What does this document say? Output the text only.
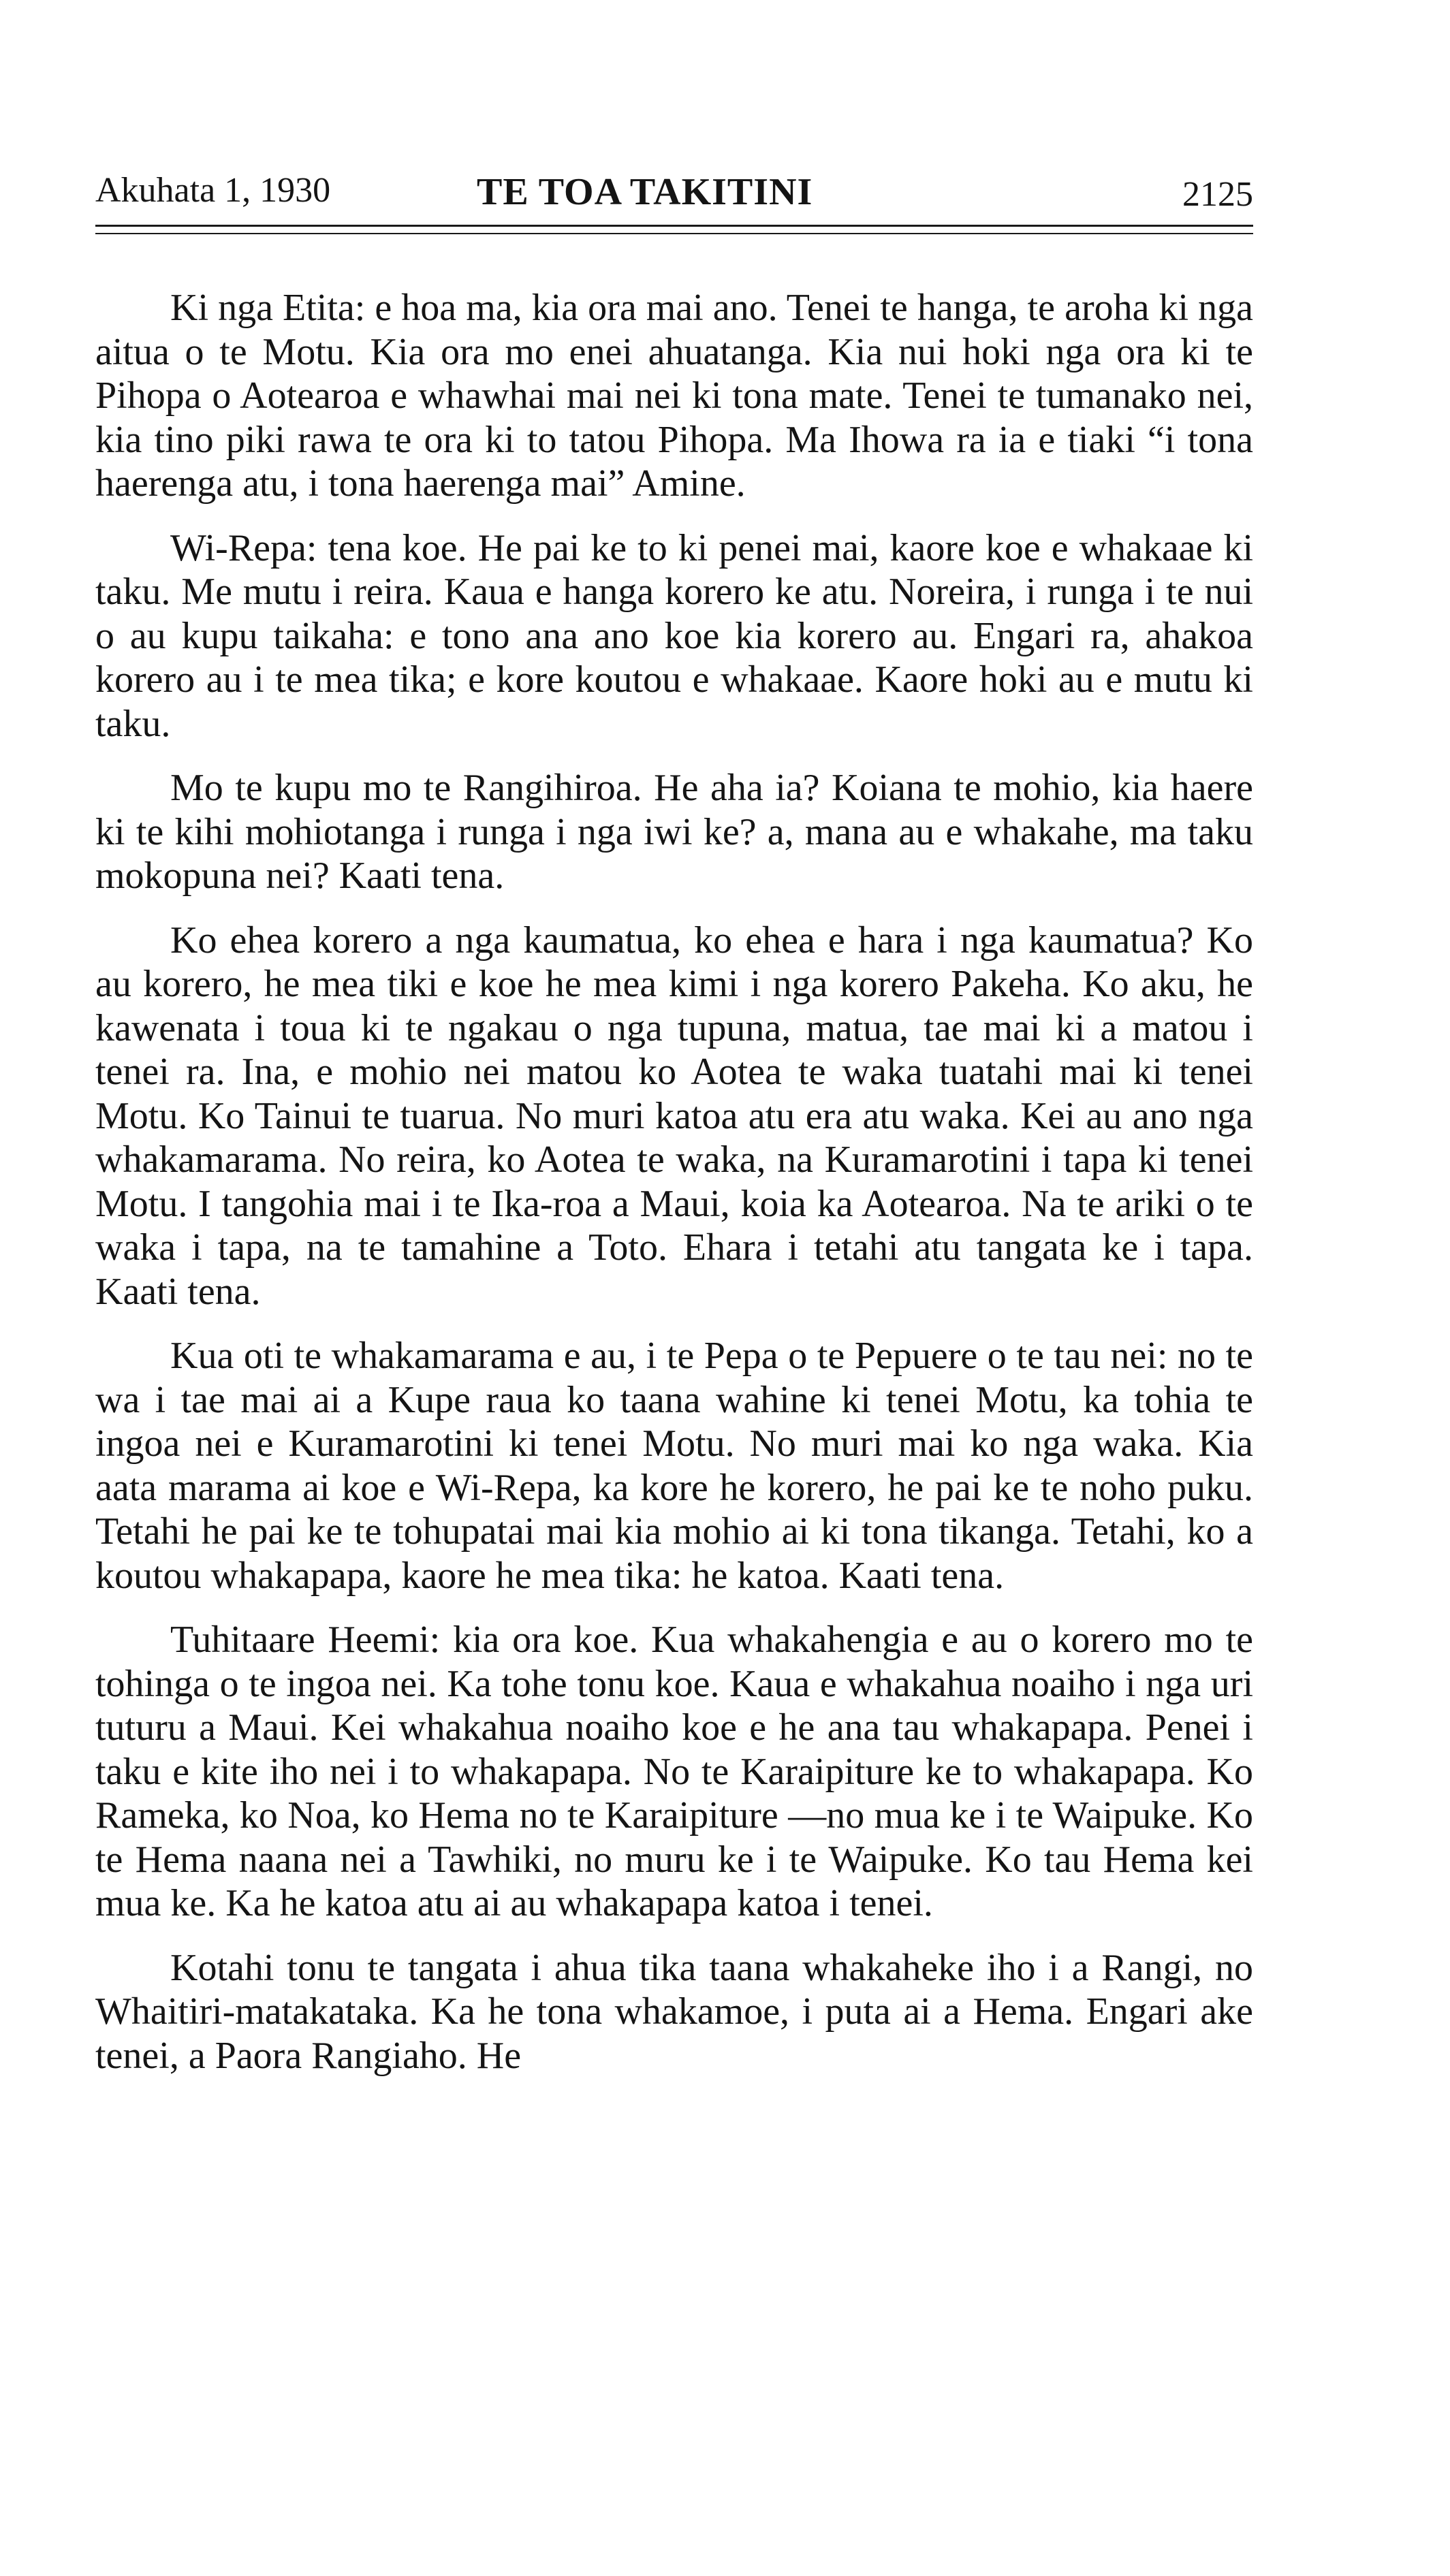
Akuhata 1, 1930	TE TOA TAKITINI	2125

Ki nga Etita: e hoa ma, kia ora mai ano. Tenei te hanga, te aroha ki nga aitua o te Motu. Kia ora mo enei ahuatanga. Kia nui hoki nga ora ki te Pihopa o Aotearoa e whawhai mai nei ki tona mate. Tenei te tumanako nei, kia tino piki rawa te ora ki to tatou Pihopa. Ma Ihowa ra ia e tiaki “i tona haerenga atu, i tona haerenga mai” Amine.

Wi-Repa: tena koe. He pai ke to ki penei mai, kaore koe e whakaae ki taku. Me mutu i reira. Kaua e hanga korero ke atu. Noreira, i runga i te nui o au kupu taikaha: e tono ana ano koe kia korero au. Engari ra, ahakoa korero au i te mea tika; e kore koutou e whakaae. Kaore hoki au e mutu ki taku.

Mo te kupu mo te Rangihiroa. He aha ia? Koiana te mohio, kia haere ki te kihi mohiotanga i runga i nga iwi ke? a, mana au e whakahe, ma taku mokopuna nei? Kaati tena.

Ko ehea korero a nga kaumatua, ko ehea e hara i nga kaumatua? Ko au korero, he mea tiki e koe he mea kimi i nga korero Pakeha. Ko aku, he kawenata i toua ki te ngakau o nga tupuna, matua, tae mai ki a matou i tenei ra. Ina, e mohio nei matou ko Aotea te waka tuatahi mai ki tenei Motu. Ko Tainui te tuarua. No muri katoa atu era atu waka. Kei au ano nga whakamarama. No reira, ko Aotea te waka, na Kuramarotini i tapa ki tenei Motu. I tangohia mai i te Ika-roa a Maui, koia ka Aotearoa. Na te ariki o te waka i tapa, na te tamahine a Toto. Ehara i tetahi atu tangata ke i tapa. Kaati tena.

Kua oti te whakamarama e au, i te Pepa o te Pepuere o te tau nei: no te wa i tae mai ai a Kupe raua ko taana wahine ki tenei Motu, ka tohia te ingoa nei e Kuramarotini ki tenei Motu. No muri mai ko nga waka. Kia aata marama ai koe e Wi-Repa, ka kore he korero, he pai ke te noho puku. Tetahi he pai ke te tohupatai mai kia mohio ai ki tona tikanga. Tetahi, ko a koutou whakapapa, kaore he mea tika: he katoa. Kaati tena.

Tuhitaare Heemi: kia ora koe. Kua whakahengia e au o korero mo te tohinga o te ingoa nei. Ka tohe tonu koe. Kaua e whakahua noaiho i nga uri tuturu a Maui. Kei whakahua noaiho koe e he ana tau whakapapa. Penei i taku e kite iho nei i to whakapapa. No te Karaipiture ke to whakapapa. Ko Rameka, ko Noa, ko Hema no te Karaipiture —no mua ke i te Waipuke. Ko te Hema naana nei a Tawhiki, no muru ke i te Waipuke. Ko tau Hema kei mua ke. Ka he katoa atu ai au whakapapa katoa i tenei.

Kotahi tonu te tangata i ahua tika taana whakaheke iho i a Rangi, no Whaitiri-matakataka. Ka he tona whakamoe, i puta ai a Hema. Engari ake tenei, a Paora Rangiaho. He
